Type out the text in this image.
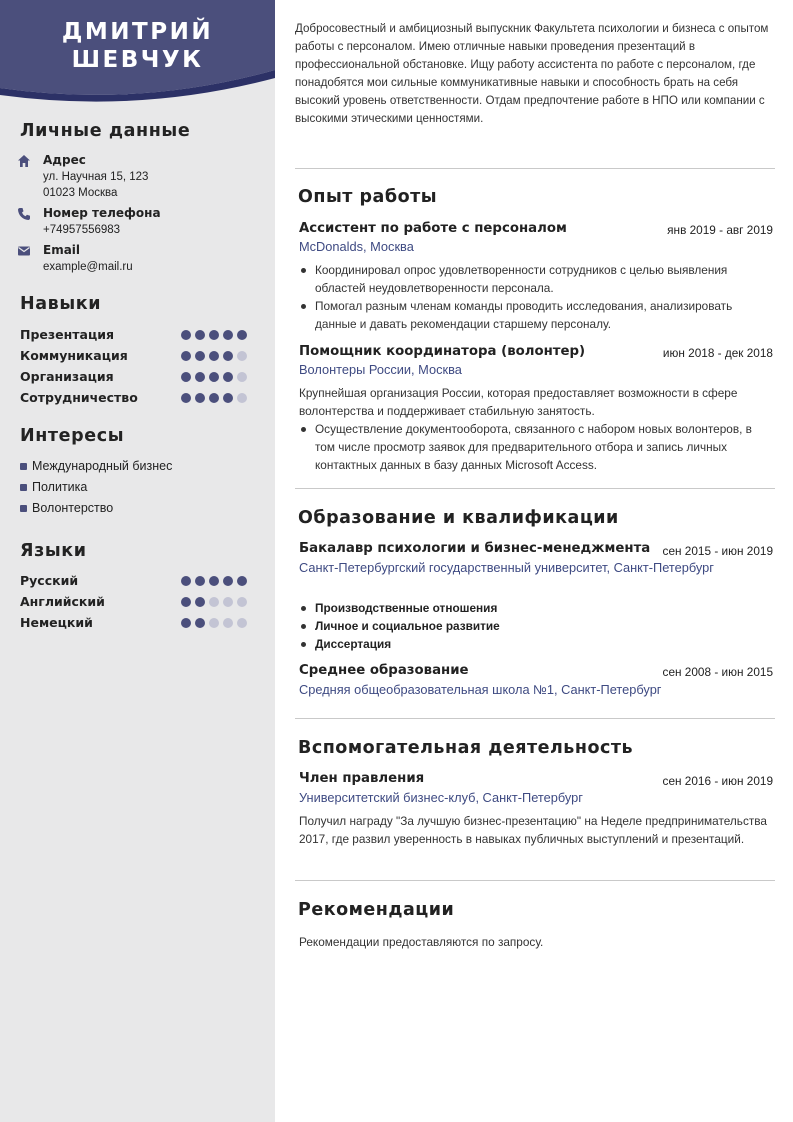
ДМИТРИЙ
ШЕВЧУК
Личные данные
Адрес
ул. Научная 15, 123
01023 Москва
Номер телефона
+74957556983
Email
example@mail.ru
Навыки
Презентация
Коммуникация
Организация
Сотрудничество
Интересы
Международный бизнес
Политика
Волонтерство
Языки
Русский
Английский
Немецкий
Добросовестный и амбициозный выпускник Факультета психологии и бизнеса с опытом работы с персоналом. Имею отличные навыки проведения презентаций в профессиональной обстановке. Ищу работу ассистента по работе с персоналом, где понадобятся мои сильные коммуникативные навыки и способность брать на себя высокий уровень ответственности. Отдам предпочтение работе в НПО или компании с высокими этическими ценностями.
Опыт работы
Ассистент по работе с персоналом	янв 2019 - авг 2019
McDonalds, Москва
Координировал опрос удовлетворенности сотрудников с целью выявления областей неудовлетворенности персонала.
Помогал разным членам команды проводить исследования, анализировать данные и давать рекомендации старшему персоналу.
Помощник координатора (волонтер)	июн 2018 - дек 2018
Волонтеры России, Москва
Крупнейшая организация России, которая предоставляет возможности в сфере волонтерства и поддерживает стабильную занятость.
Осуществление документооборота, связанного с набором новых волонтеров, в том числе просмотр заявок для предварительного отбора и запись личных контактных данных в базу данных Microsoft Access.
Образование и квалификации
Бакалавр психологии и бизнес-менеджмента сен 2015 - июн 2019
Санкт-Петербургский государственный университет, Санкт-Петербург
Производственные отношения
Личное и социальное развитие
Диссертация
Среднее образование	сен 2008 - июн 2015
Средняя общеобразовательная школа №1, Санкт-Петербург
Вспомогательная деятельность
Член правления	сен 2016 - июн 2019
Университетский бизнес-клуб, Санкт-Петербург
Получил награду "За лучшую бизнес-презентацию" на Неделе предпринимательства 2017, где развил уверенность в навыках публичных выступлений и презентаций.
Рекомендации
Рекомендации предоставляются по запросу.
